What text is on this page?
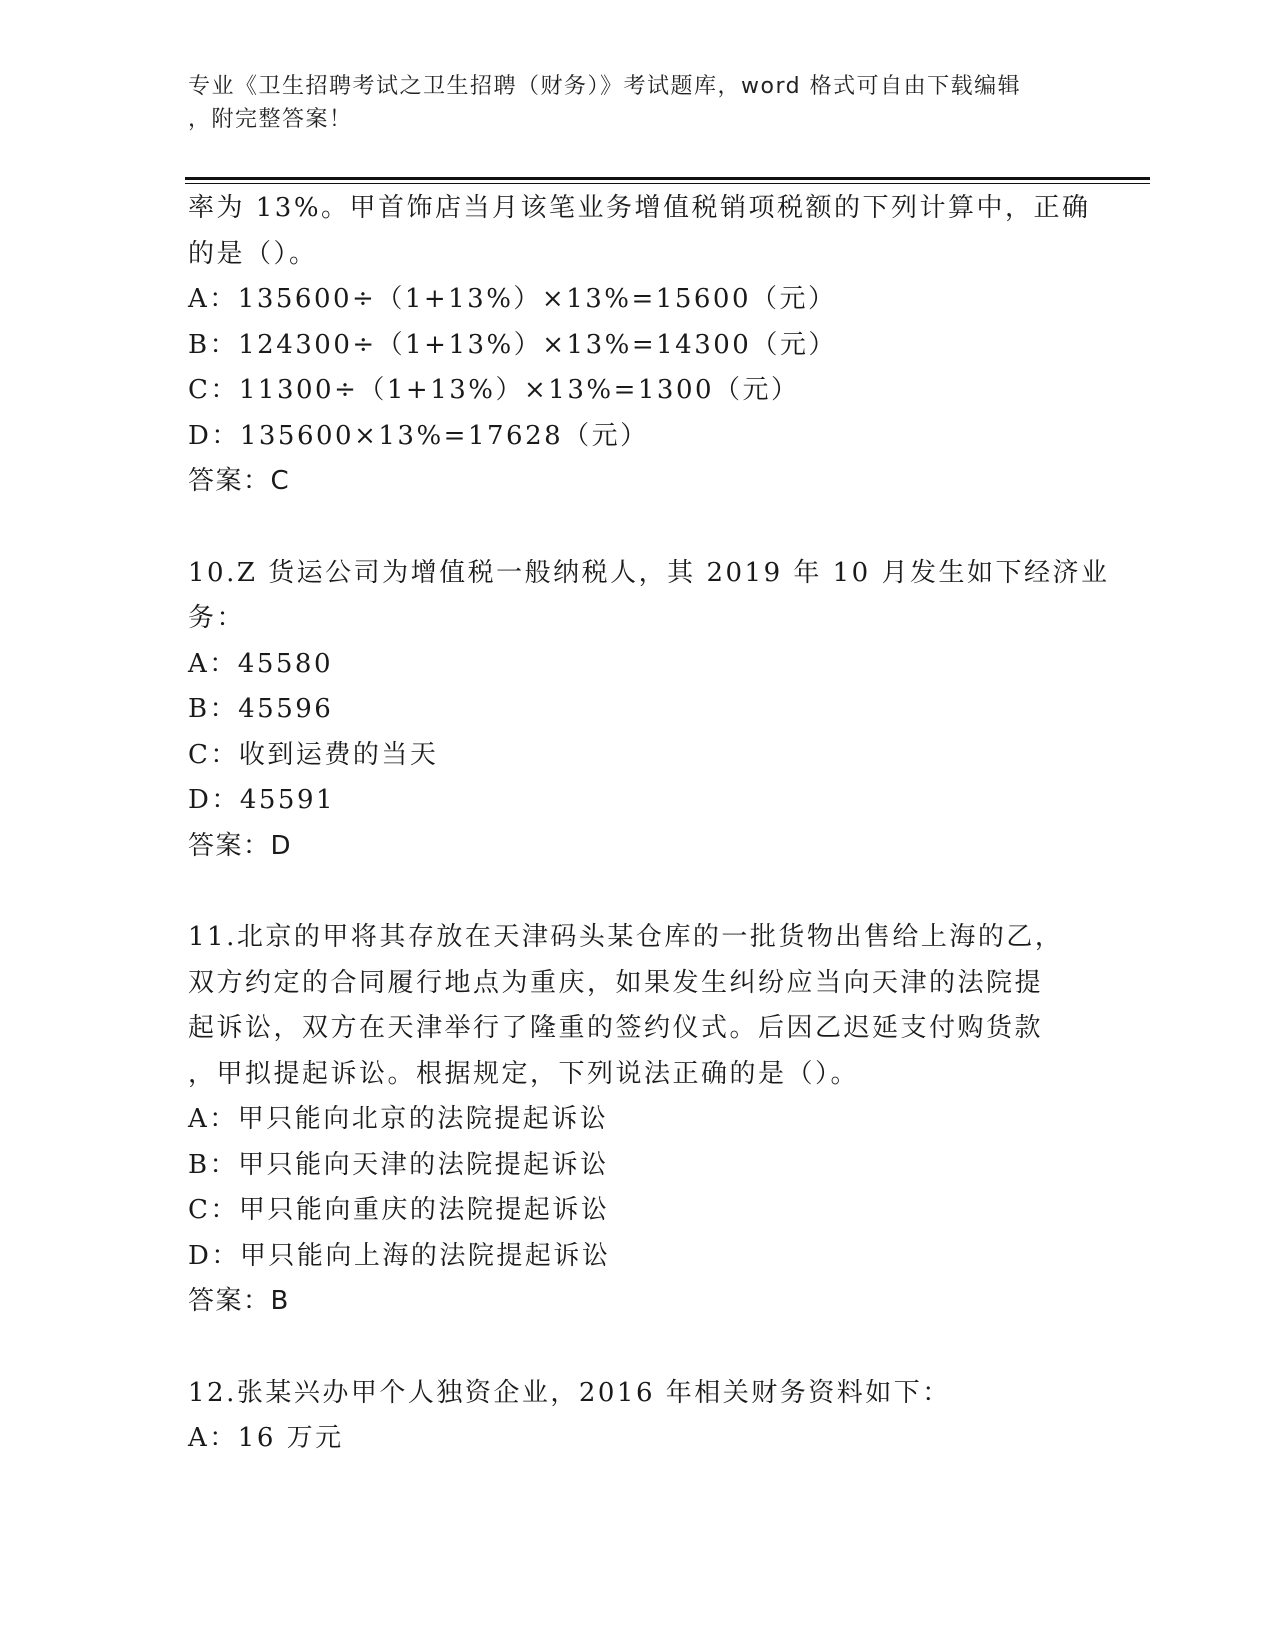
专业《卫生招聘考试之卫生招聘（财务）》考试题库，word 格式可自由下载编辑
，附完整答案！
率为 13%。甲首饰店当月该笔业务增值税销项税额的下列计算中，正确
的是（）。
A：135600÷（1+13%）×13%=15600（元）
B：124300÷（1+13%）×13%=14300（元）
C：11300÷（1+13%）×13%=1300（元）
D：135600×13%=17628（元）
答案：C
10.Z 货运公司为增值税一般纳税人，其 2019 年 10 月发生如下经济业
务：
A：45580
B：45596
C：收到运费的当天
D：45591
答案：D
11.北京的甲将其存放在天津码头某仓库的一批货物出售给上海的乙，
双方约定的合同履行地点为重庆，如果发生纠纷应当向天津的法院提
起诉讼，双方在天津举行了隆重的签约仪式。后因乙迟延支付购货款
，甲拟提起诉讼。根据规定，下列说法正确的是（）。
A：甲只能向北京的法院提起诉讼
B：甲只能向天津的法院提起诉讼
C：甲只能向重庆的法院提起诉讼
D：甲只能向上海的法院提起诉讼
答案：B
12.张某兴办甲个人独资企业，2016 年相关财务资料如下：
A：16 万元
